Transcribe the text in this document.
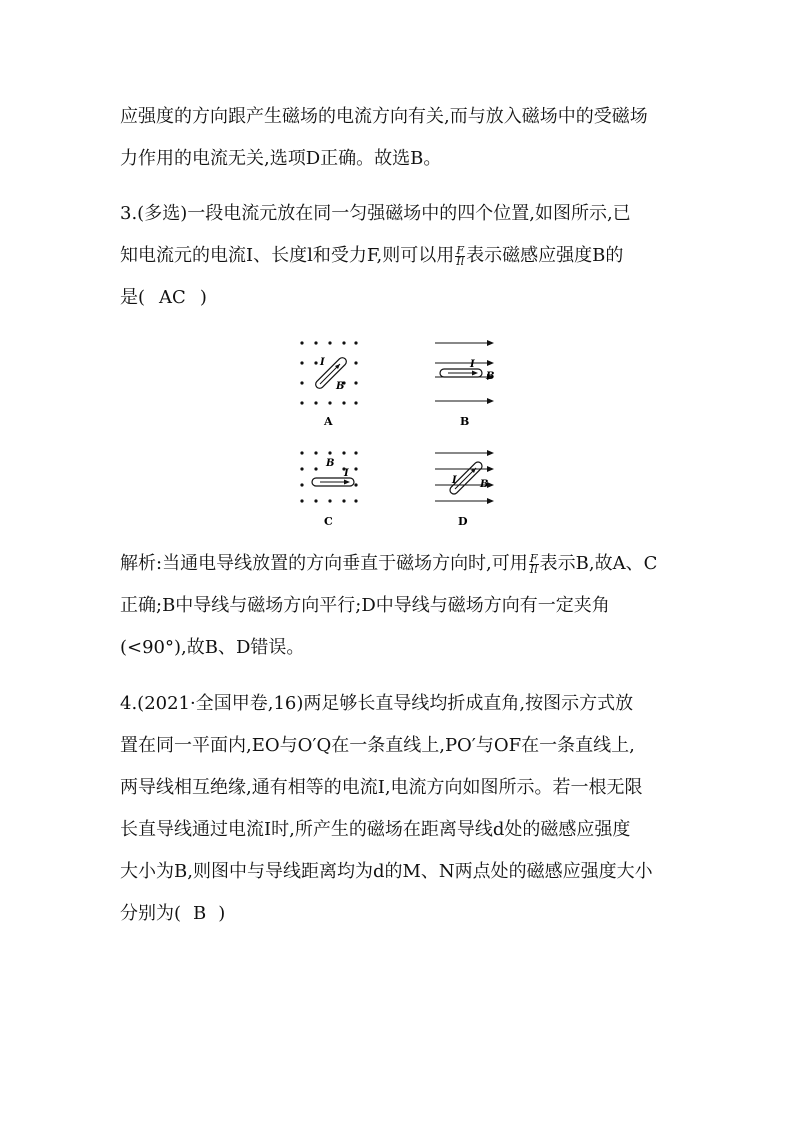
应强度的方向跟产生磁场的电流方向有关,而与放入磁场中的受磁场
力作用的电流无关,选项D正确。故选B。
3.(多选)一段电流元放在同一匀强磁场中的四个位置,如图所示,已
知电流元的电流I、长度l和受力F,则可以用 $\frac{F}{Il}$ 表示磁感应强度B的
是( AC )
I
B
A
I
B
B
B
I
C
I B
D
解析:当通电导线放置的方向垂直于磁场方向时,可用 $\frac{F}{Il}$ 表示B,故A、C
正确;B中导线与磁场方向平行;D中导线与磁场方向有一定夹角
(<90°),故B、D错误。
4.(2021·全国甲卷,16)两足够长直导线均折成直角,按图示方式放
置在同一平面内,EO与O′Q在一条直线上,PO′与OF在一条直线上,
两导线相互绝缘,通有相等的电流I,电流方向如图所示。若一根无限
长直导线通过电流I时,所产生的磁场在距离导线d处的磁感应强度
大小为B,则图中与导线距离均为d的M、N两点处的磁感应强度大小
分别为( B )
